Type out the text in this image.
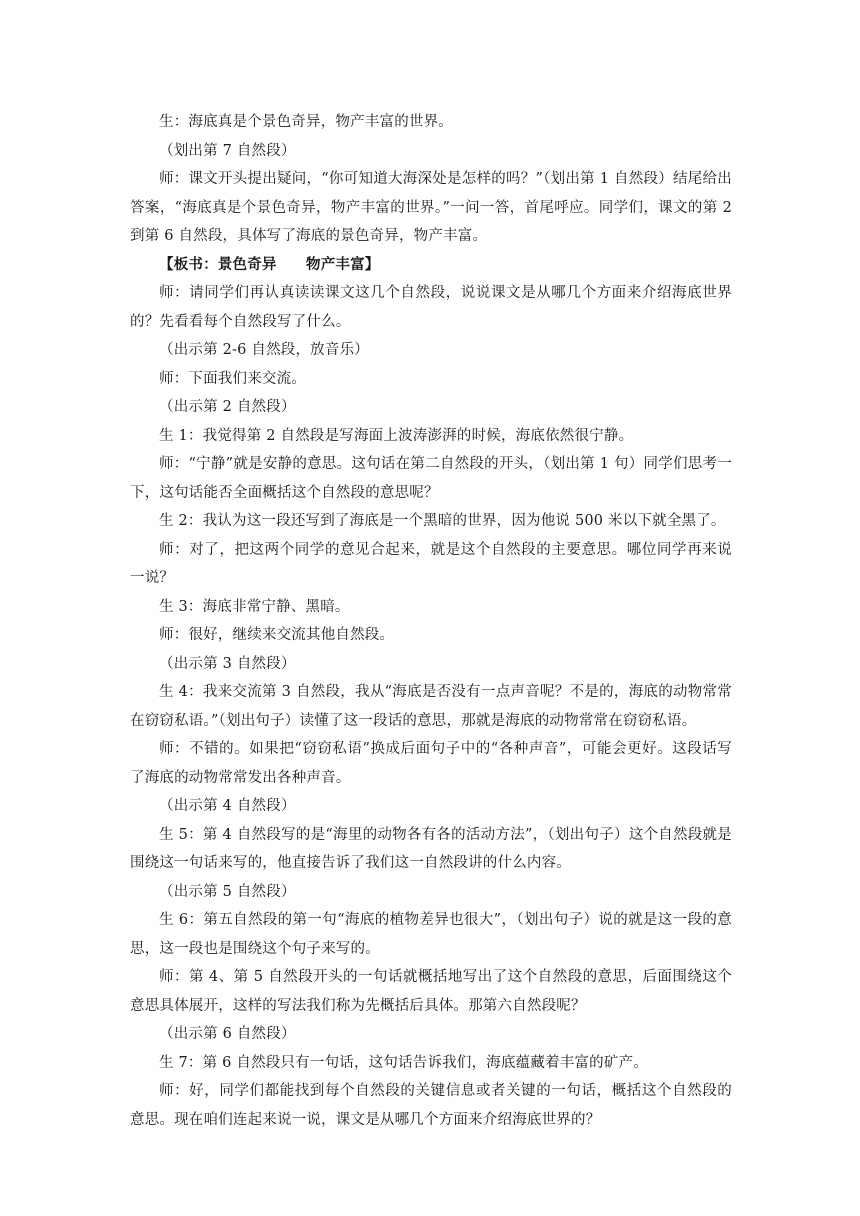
生：海底真是个景色奇异，物产丰富的世界。

（划出第 7 自然段）

师：课文开头提出疑问，“你可知道大海深处是怎样的吗？”（划出第 1 自然段）结尾给出答案，“海底真是个景色奇异，物产丰富的世界。”一问一答，首尾呼应。同学们，课文的第 2 到第 6 自然段，具体写了海底的景色奇异，物产丰富。

【板书：景色奇异　　物产丰富】

师：请同学们再认真读读课文这几个自然段，说说课文是从哪几个方面来介绍海底世界的？先看看每个自然段写了什么。

（出示第 2-6 自然段，放音乐）

师：下面我们来交流。

（出示第 2 自然段）

生 1：我觉得第 2 自然段是写海面上波涛澎湃的时候，海底依然很宁静。

师：“宁静”就是安静的意思。这句话在第二自然段的开头，（划出第 1 句）同学们思考一下，这句话能否全面概括这个自然段的意思呢？

生 2：我认为这一段还写到了海底是一个黑暗的世界，因为他说 500 米以下就全黑了。

师：对了，把这两个同学的意见合起来，就是这个自然段的主要意思。哪位同学再来说一说？

生 3：海底非常宁静、黑暗。

师：很好，继续来交流其他自然段。

（出示第 3 自然段）

生 4：我来交流第 3 自然段，我从“海底是否没有一点声音呢？不是的，海底的动物常常在窃窃私语。”（划出句子）读懂了这一段话的意思，那就是海底的动物常常在窃窃私语。

师：不错的。如果把“窃窃私语”换成后面句子中的“各种声音”，可能会更好。这段话写了海底的动物常常发出各种声音。

（出示第 4 自然段）

生 5：第 4 自然段写的是“海里的动物各有各的活动方法”，（划出句子）这个自然段就是围绕这一句话来写的，他直接告诉了我们这一自然段讲的什么内容。

（出示第 5 自然段）

生 6：第五自然段的第一句“海底的植物差异也很大”，（划出句子）说的就是这一段的意思，这一段也是围绕这个句子来写的。

师：第 4、第 5 自然段开头的一句话就概括地写出了这个自然段的意思，后面围绕这个意思具体展开，这样的写法我们称为先概括后具体。那第六自然段呢？

（出示第 6 自然段）

生 7：第 6 自然段只有一句话，这句话告诉我们，海底蕴藏着丰富的矿产。

师：好，同学们都能找到每个自然段的关键信息或者关键的一句话，概括这个自然段的意思。现在咱们连起来说一说，课文是从哪几个方面来介绍海底世界的？
